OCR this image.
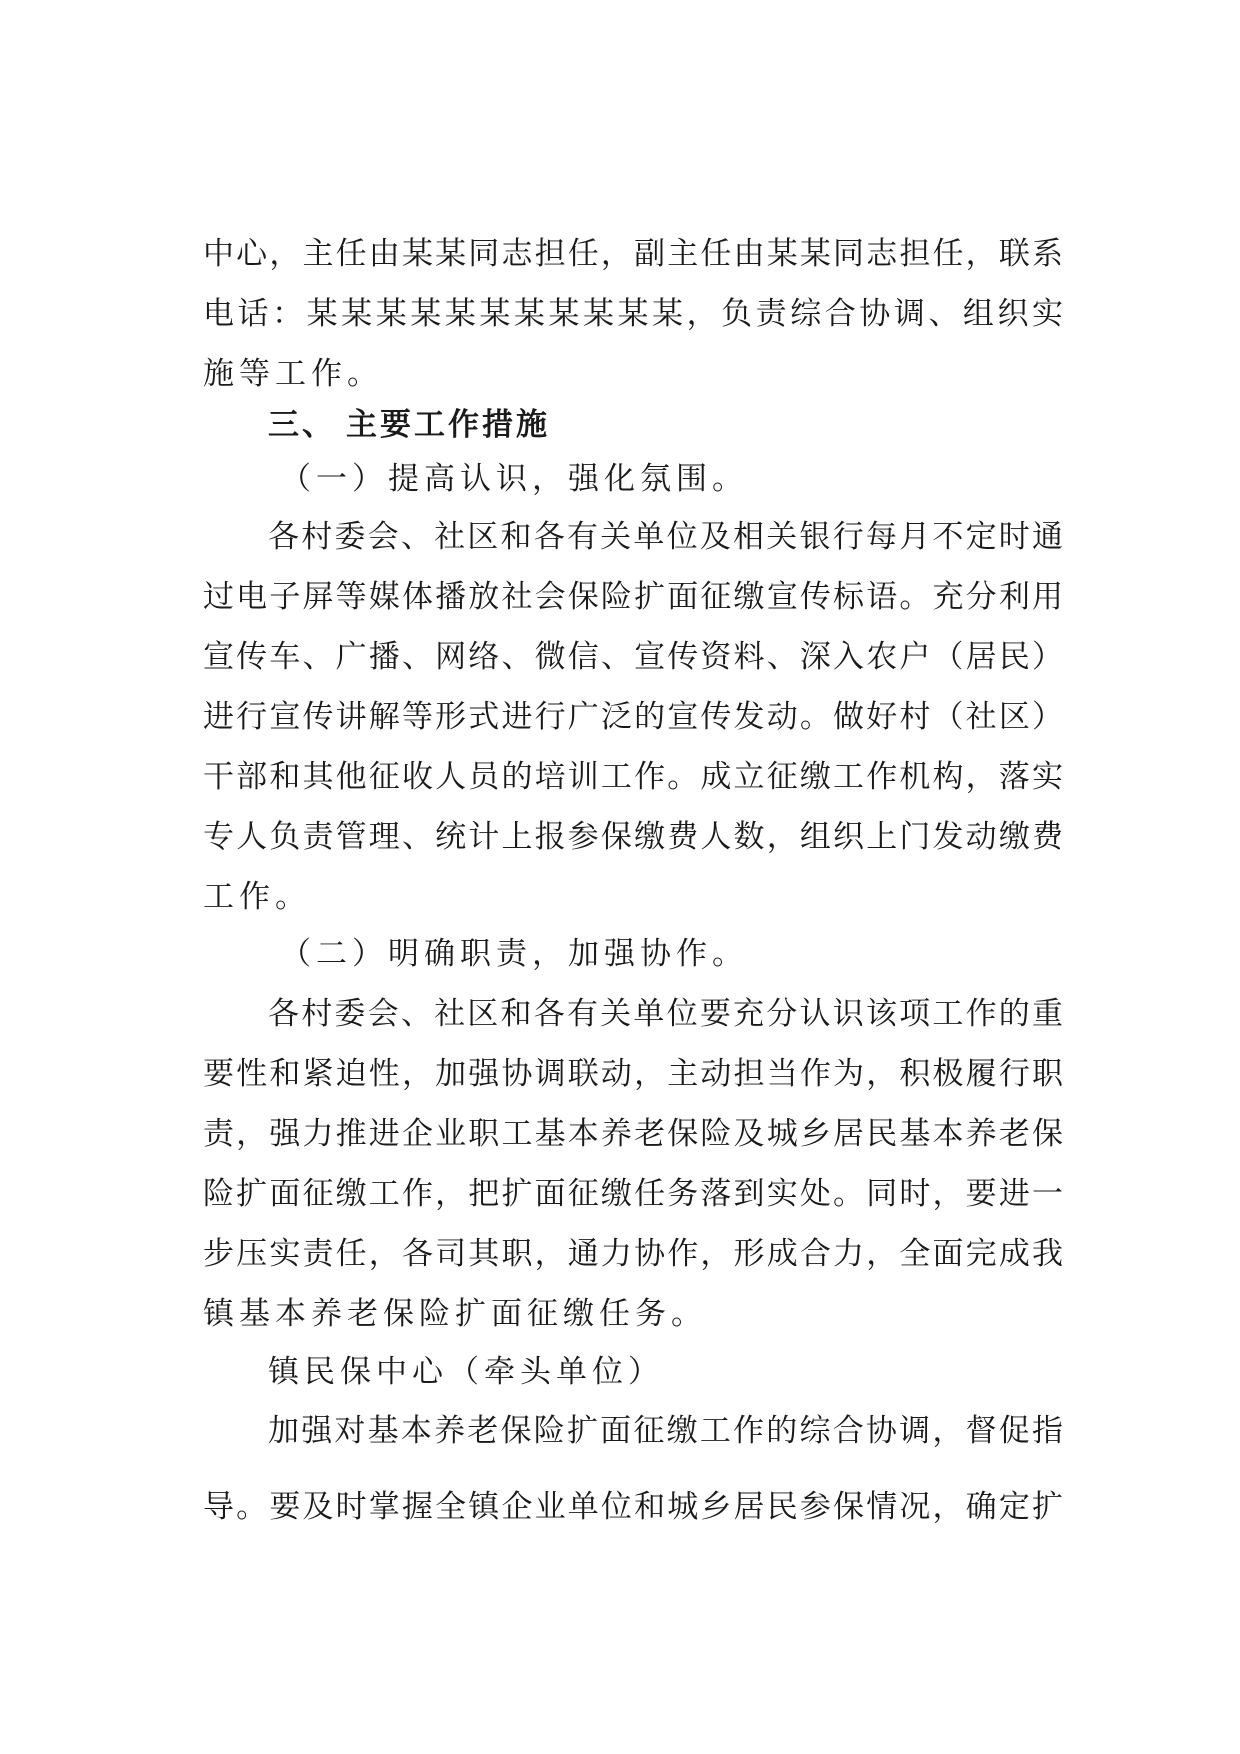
中心，主任由某某同志担任，副主任由某某同志担任，联系
电话：某某某某某某某某某某某，负责综合协调、组织实
施等工作。
三、 主要工作措施
（一）提高认识，强化氛围。
各村委会、社区和各有关单位及相关银行每月不定时通
过电子屏等媒体播放社会保险扩面征缴宣传标语。充分利用
宣传车、广播、网络、微信、宣传资料、深入农户（居民）
进行宣传讲解等形式进行广泛的宣传发动。做好村（社区）
干部和其他征收人员的培训工作。成立征缴工作机构，落实
专人负责管理、统计上报参保缴费人数，组织上门发动缴费
工作。
（二）明确职责，加强协作。
各村委会、社区和各有关单位要充分认识该项工作的重
要性和紧迫性，加强协调联动，主动担当作为，积极履行职
责，强力推进企业职工基本养老保险及城乡居民基本养老保
险扩面征缴工作，把扩面征缴任务落到实处。同时，要进一
步压实责任，各司其职，通力协作，形成合力，全面完成我
镇基本养老保险扩面征缴任务。
镇民保中心（牵头单位）
加强对基本养老保险扩面征缴工作的综合协调，督促指
导。要及时掌握全镇企业单位和城乡居民参保情况，确定扩
